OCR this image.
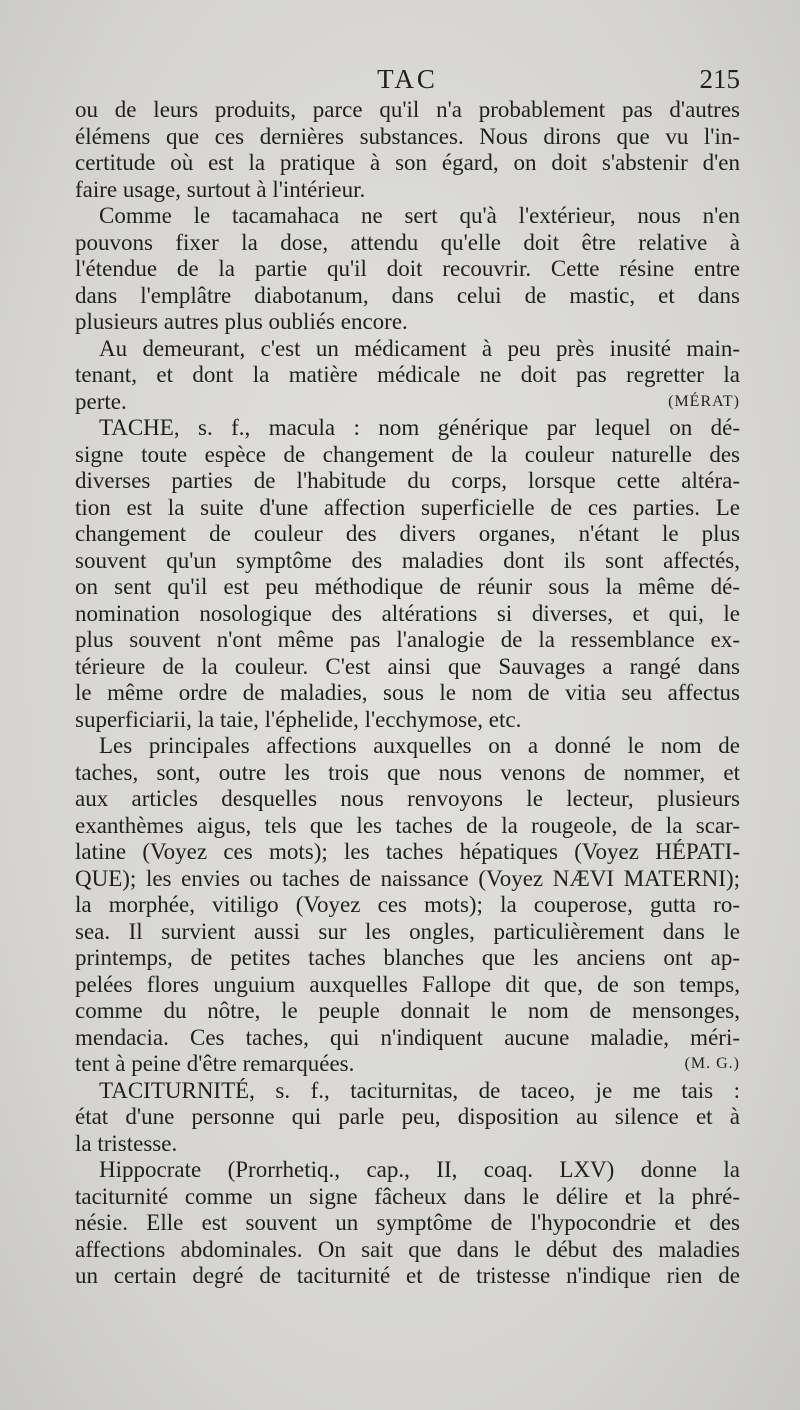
TAC	215
ou de leurs produits, parce qu'il n'a probablement pas d'autres
élémens que ces dernières substances. Nous dirons que vu l'in-
certitude où est la pratique à son égard, on doit s'abstenir d'en
faire usage, surtout à l'intérieur.
Comme le tacamahaca ne sert qu'à l'extérieur, nous n'en
pouvons fixer la dose, attendu qu'elle doit être relative à
l'étendue de la partie qu'il doit recouvrir. Cette résine entre
dans l'emplâtre diabotanum, dans celui de mastic, et dans
plusieurs autres plus oubliés encore.
Au demeurant, c'est un médicament à peu près inusité main-
tenant, et dont la matière médicale ne doit pas regretter la
perte.	(MÉRAT)
TACHE, s. f., macula : nom générique par lequel on dé-
signe toute espèce de changement de la couleur naturelle des
diverses parties de l'habitude du corps, lorsque cette altéra-
tion est la suite d'une affection superficielle de ces parties. Le
changement de couleur des divers organes, n'étant le plus
souvent qu'un symptôme des maladies dont ils sont affectés,
on sent qu'il est peu méthodique de réunir sous la même dé-
nomination nosologique des altérations si diverses, et qui, le
plus souvent n'ont même pas l'analogie de la ressemblance ex-
térieure de la couleur. C'est ainsi que Sauvages a rangé dans
le même ordre de maladies, sous le nom de vitia seu affectus
superficiarii, la taie, l'éphelide, l'ecchymose, etc.
Les principales affections auxquelles on a donné le nom de
taches, sont, outre les trois que nous venons de nommer, et
aux articles desquelles nous renvoyons le lecteur, plusieurs
exanthèmes aigus, tels que les taches de la rougeole, de la scar-
latine (Voyez ces mots); les taches hépatiques (Voyez HÉPATI-
QUE); les envies ou taches de naissance (Voyez NÆVI MATERNI);
la morphée, vitiligo (Voyez ces mots); la couperose, gutta ro-
sea. Il survient aussi sur les ongles, particulièrement dans le
printemps, de petites taches blanches que les anciens ont ap-
pelées flores unguium auxquelles Fallope dit que, de son temps,
comme du nôtre, le peuple donnait le nom de mensonges,
mendacia. Ces taches, qui n'indiquent aucune maladie, méri-
tent à peine d'être remarquées.	(M. G.)
TACITURNITÉ, s. f., taciturnitas, de taceo, je me tais :
état d'une personne qui parle peu, disposition au silence et à
la tristesse.
Hippocrate (Prorrhetiq., cap., II, coaq. LXV) donne la
taciturnité comme un signe fâcheux dans le délire et la phré-
nésie. Elle est souvent un symptôme de l'hypocondrie et des
affections abdominales. On sait que dans le début des maladies
un certain degré de taciturnité et de tristesse n'indique rien de
